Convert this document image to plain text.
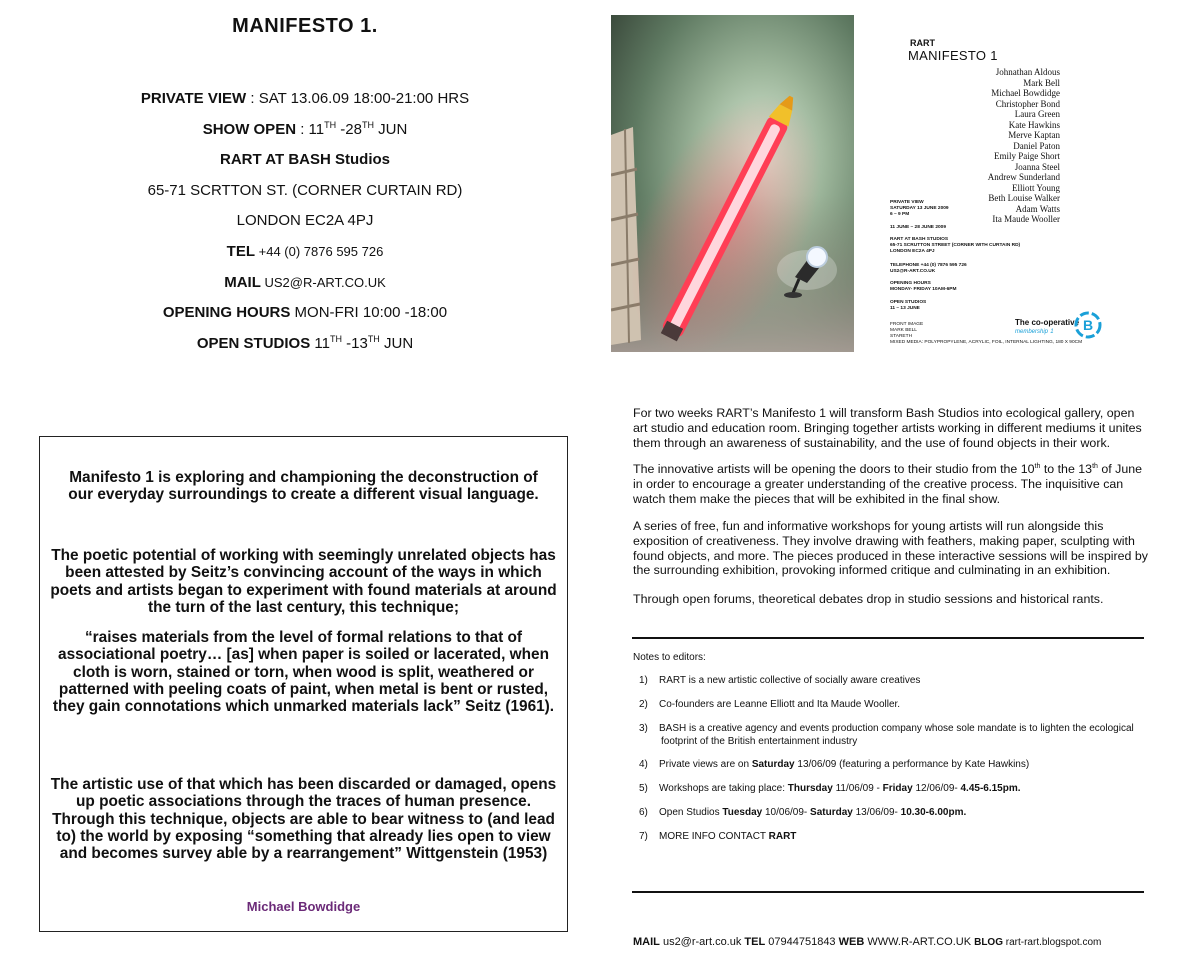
MANIFESTO 1.
PRIVATE VIEW : SAT 13.06.09 18:00-21:00 HRS
SHOW OPEN : 11TH -28TH JUN
RART AT BASH Studios
65-71 SCRTTON ST. (CORNER CURTAIN RD)
LONDON EC2A 4PJ
TEL +44 (0) 7876 595 726
MAIL US2@R-ART.CO.UK
OPENING HOURS MON-FRI 10:00 -18:00
OPEN STUDIOS 11TH -13TH JUN

Manifesto 1 is exploring and championing the deconstruction of our everyday surroundings to create a different visual language.

The poetic potential of working with seemingly unrelated objects has been attested by Seitz’s convincing account of the ways in which poets and artists began to experiment with found materials at around the turn of the last century, this technique;

“raises materials from the level of formal relations to that of associational poetry… [as] when paper is soiled or lacerated, when cloth is worn, stained or torn, when wood is split, weathered or patterned with peeling coats of paint, when metal is bent or rusted, they gain connotations which unmarked materials lack” Seitz (1961).

The artistic use of that which has been discarded or damaged, opens up poetic associations through the traces of human presence. Through this technique, objects are able to bear witness to (and lead to) the world by exposing “something that already lies open to view and becomes survey able by a rearrangement” Wittgenstein (1953)

Michael Bowdidge

RART
MANIFESTO 1
Johnathan Aldous
Mark Bell
Michael Bowdidge
Christopher Bond
Laura Green
Kate Hawkins
Merve Kaptan
Daniel Paton
Emily Paige Short
Joanna Steel
Andrew Sunderland
Elliott Young
Beth Louise Walker
Adam Watts
Ita Maude Wooller
PRIVATE VIEW
SATURDAY 13 JUNE 2009
6 – 9 PM
11 JUNE – 28 JUNE 2009
RART AT BASH STUDIOS
65-71 SCRUTTON STREET (CORNER WITH CURTAIN RD)
LONDON EC2A 4PJ
TELEPHONE +44 (0) 7876 595 726
US2@R-ART.CO.UK
OPENING HOURS
MONDAY- FRIDAY 10AM-6PM
OPEN STUDIOS
11 – 13 JUNE
FRONT IMAGE
MARK BELL
STARETH
MIXED MEDIA: POLYPROPYLENE, ACRYLIC, FOIL, INTERNAL LIGHTING, 180 X 90CM
The co-operative
membership 1	B

For two weeks RART’s Manifesto 1 will transform Bash Studios into ecological gallery, open art studio and education room. Bringing together artists working in different mediums it unites them through an awareness of sustainability, and the use of found objects in their work.

The innovative artists will be opening the doors to their studio from the 10th to the 13th of June in order to encourage a greater understanding of the creative process. The inquisitive can watch them make the pieces that will be exhibited in the final show.

A series of free, fun and informative workshops for young artists will run alongside this exposition of creativeness. They involve drawing with feathers, making paper, sculpting with found objects, and more. The pieces produced in these interactive sessions will be inspired by the surrounding exhibition, provoking informed critique and culminating in an exhibition.

Through open forums, theoretical debates drop in studio sessions and historical rants.

Notes to editors:
1) RART is a new artistic collective of socially aware creatives
2) Co-founders are Leanne Elliott and Ita Maude Wooller.
3) BASH is a creative agency and events production company whose sole mandate is to lighten the ecological
footprint of the British entertainment industry
4) Private views are on Saturday 13/06/09 (featuring a performance by Kate Hawkins)
5) Workshops are taking place: Thursday 11/06/09 - Friday 12/06/09- 4.45-6.15pm.
6) Open Studios Tuesday 10/06/09- Saturday 13/06/09- 10.30-6.00pm.
7) MORE INFO CONTACT RART
MAIL us2@r-art.co.uk TEL 07944751843 WEB WWW.R-ART.CO.UK BLOG rart-rart.blogspot.com
